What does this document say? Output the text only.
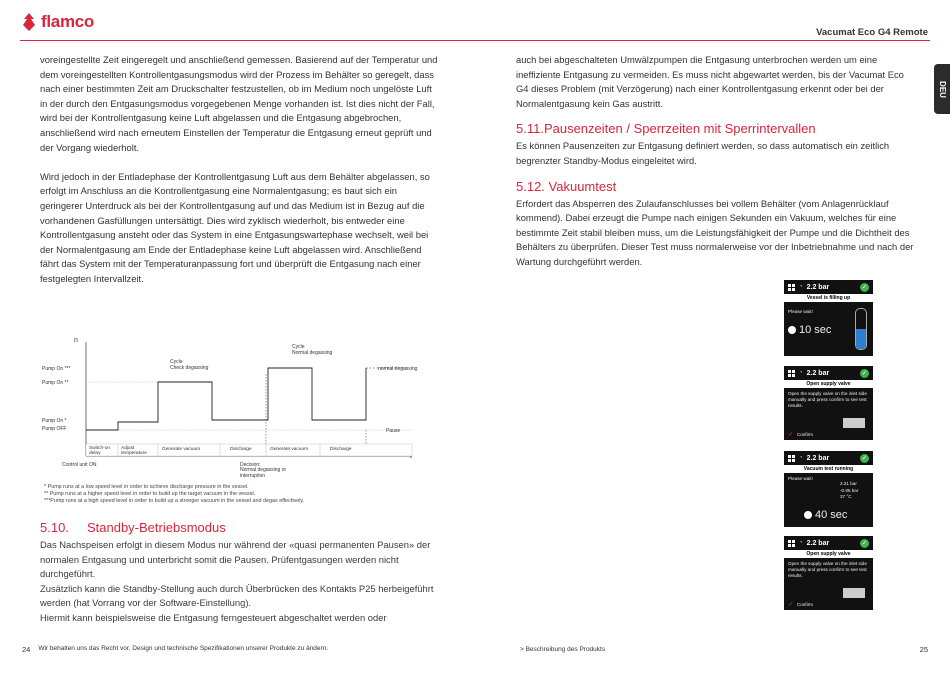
flamco
Vacumat Eco G4 Remote
DEU

voreingestellte Zeit eingeregelt und anschließend gemessen. Basierend auf der Temperatur und dem voreingestellten Kontrollentgasungsmodus wird der Prozess im Behälter so geregelt, dass nach einer bestimmten Zeit am Druckschalter festzustellen, ob im Medium noch ungelöste Luft in der durch den Entgasungsmodus vorgegebenen Menge vorhanden ist. Ist dies nicht der Fall, wird bei der Kontrollentgasung keine Luft abgelassen und die Entgasung abgebrochen, anschließend wird nach erneutem Einstellen der Temperatur die Entgasung erneut geprüft und der Vorgang wiederholt.

Wird jedoch in der Entladephase der Kontrollentgasung Luft aus dem Behälter abgelassen, so erfolgt im Anschluss an die Kontrollentgasung eine Normalentgasung; es baut sich ein geringerer Unterdruck als bei der Kontrollentgasung auf und das Medium ist in Bezug auf die vorhandenen Gasfüllungen untersättigt. Dies wird zyklisch wiederholt, bis entweder eine Kontrollentgasung ansteht oder das System in eine Entgasungswartephase wechselt, weil bei der Normalentgasung am Ende der Entladephase keine Luft abgelassen wird. Anschließend fährt das System mit der Temperaturanpassung fort und überprüft die Entgasung nach einer festgelegten Intervallzeit.

n
t
Pump On ***
Pump On **
Pump On *
Pump OFF
Cycle
Check degassing
Cycle
Normal degassing
normal degassing
Pause
Switch-on
delay
Adjust
temperature
Generate vacuum	Discharge	Generate vacuum	Discharge
Control unit ON	Decision:
Normal degassing or
interruption
* Pump runs at a low speed level in order to achieve discharge pressure in the vessel.
** Pump runs at a higher speed level in order to build up the target vacuum in the vessel.
***Pump runs at a high speed level in order to build up a stronger vacuum in the vessel and degas effectively.
5.10.     Standby-Betriebsmodus

Das Nachspeisen erfolgt in diesem Modus nur während der «quasi permanenten Pausen» der normalen Entgasung und unterbricht somit die Pausen. Prüfentgasungen werden nicht durchgeführt.

Zusätzlich kann die Standby-Stellung auch durch Überbrücken des Kontakts P25 herbeigeführt werden (hat Vorrang vor der Software-Einstellung).

Hiermit kann beispielsweise die Entgasung ferngesteuert abgeschaltet werden oder

auch bei abgeschalteten Umwälzpumpen die Entgasung unterbrochen werden um eine ineffiziente Entgasung zu vermeiden. Es muss nicht abgewartet werden, bis der Vacumat Eco G4 dieses Problem (mit Verzögerung) nach einer Kontrollentgasung erkennt oder bei der Normalentgasung kein Gas austritt.

5.11.Pausenzeiten / Sperrzeiten mit Sperrintervallen

Es können Pausenzeiten zur Entgasung definiert werden, so dass automatisch ein zeitlich begrenzter Standby-Modus eingeleitet wird.

5.12. Vakuumtest

Erfordert das Absperren des Zulaufanschlusses bei vollem Behälter (vom Anlagenrücklauf kommend). Dabei erzeugt die Pumpe nach einigen Sekunden ein Vakuum, welches für eine bestimmte Zeit stabil bleiben muss, um die Leistungsfähigkeit der Pumpe und die Dichtheit des Behälters zu überprüfen. Dieser Test muss normalerweise vor der Inbetriebnahme und nach der Wartung durchgeführt werden.

◔ 2.2 bar	✓
Vessel is filling up
Please wait!
10 sec
◔ 2.2 bar	✓
Open supply valve
Open the supply valve on the inlet side manually and press confirm to see test results.
✓ Confirm
◔ 2.2 bar	✓
Vacuum test running
Please wait!
2.21 bar
-0.85 bar
37 °C
40 sec
◔ 2.2 bar	✓
Open supply valve
Open the supply valve on the inlet side manually and press confirm to see test results.
✓ Confirm
24 Wir behalten uns das Recht vor, Design und technische Spezifikationen unserer Produkte zu ändern.	> Beschreibung des Produkts	25
